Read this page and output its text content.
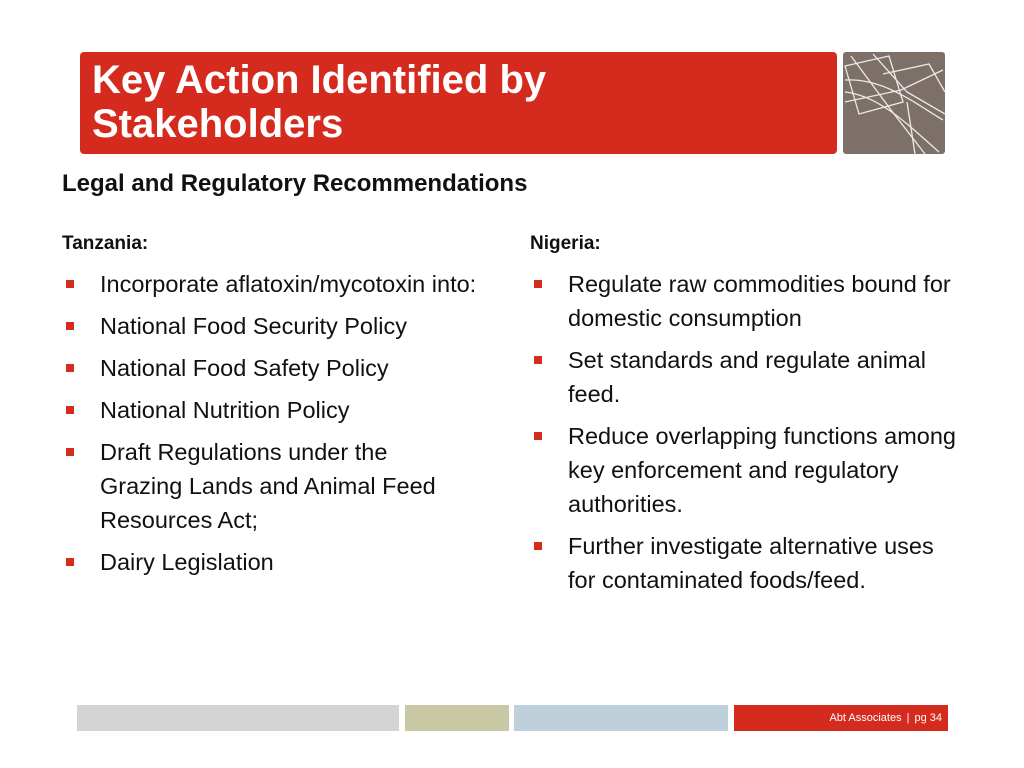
Key Action Identified by
Stakeholders
Legal and Regulatory Recommendations
Tanzania:
Incorporate aflatoxin/mycotoxin into:
National Food Security Policy
National Food Safety Policy
National Nutrition Policy
Draft Regulations under the Grazing Lands and Animal Feed Resources Act;
Dairy Legislation
Nigeria:
Regulate raw commodities bound for domestic consumption
Set standards and regulate animal feed.
Reduce overlapping functions among key enforcement and regulatory authorities.
Further investigate alternative uses for contaminated foods/feed.
Abt Associates | pg 34
